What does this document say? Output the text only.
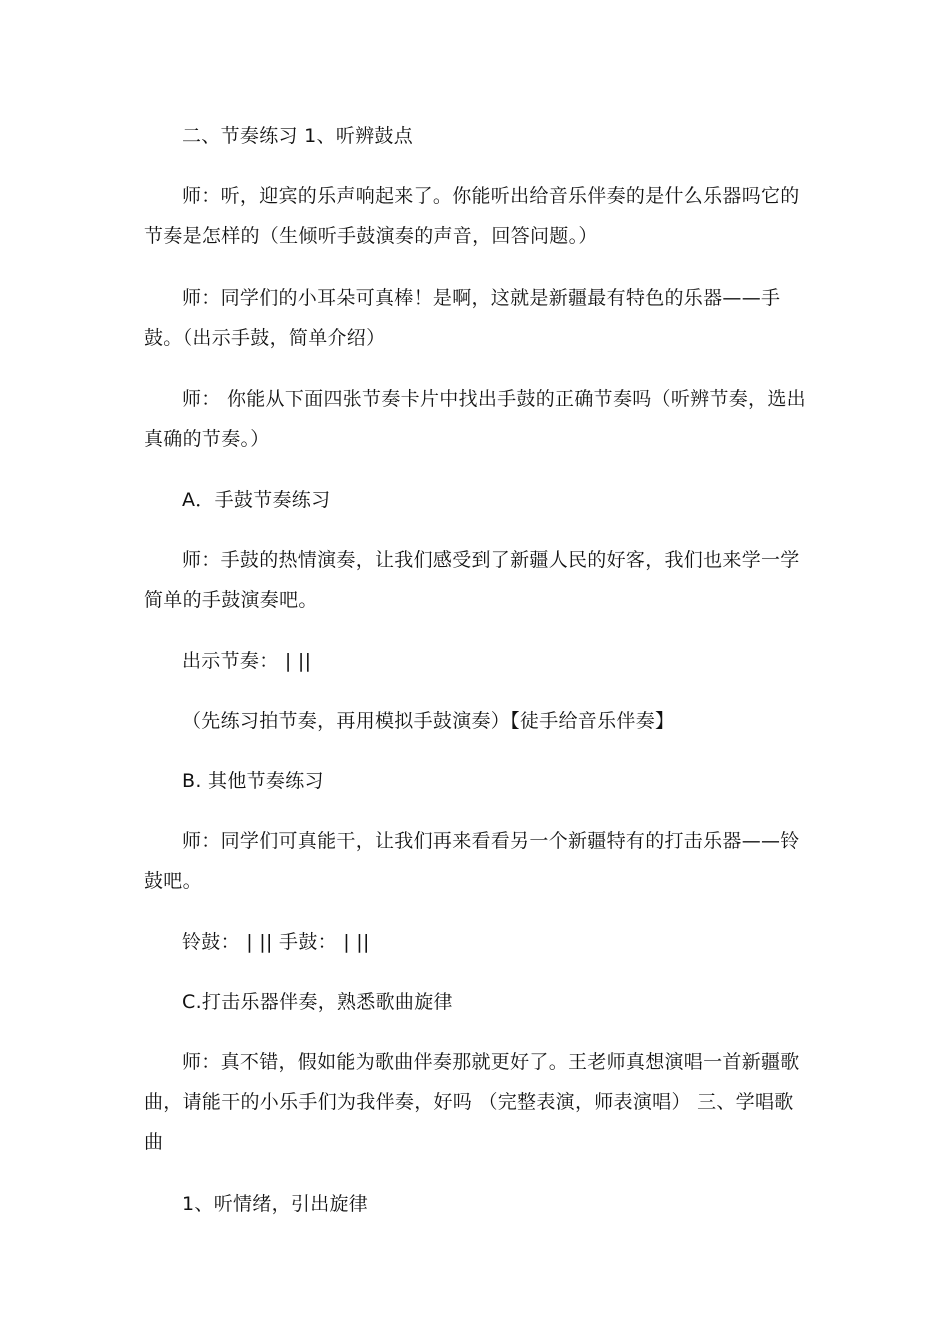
二、节奏练习 1、听辨鼓点

师：听，迎宾的乐声响起来了。你能听出给音乐伴奏的是什么乐器吗它的节奏是怎样的（生倾听手鼓演奏的声音，回答问题。）

师：同学们的小耳朵可真棒！是啊，这就是新疆最有特色的乐器——手鼓。（出示手鼓，简单介绍）

师： 你能从下面四张节奏卡片中找出手鼓的正确节奏吗（听辨节奏，选出真确的节奏。）

A．手鼓节奏练习

师：手鼓的热情演奏，让我们感受到了新疆人民的好客，我们也来学一学简单的手鼓演奏吧。

出示节奏： | ||

（先练习拍节奏，再用模拟手鼓演奏）【徒手给音乐伴奏】

B. 其他节奏练习

师：同学们可真能干，让我们再来看看另一个新疆特有的打击乐器——铃鼓吧。

铃鼓： | || 手鼓： | ||

C.打击乐器伴奏，熟悉歌曲旋律

师：真不错，假如能为歌曲伴奏那就更好了。王老师真想演唱一首新疆歌曲，请能干的小乐手们为我伴奏，好吗 （完整表演，师表演唱） 三、学唱歌曲

1、听情绪，引出旋律
